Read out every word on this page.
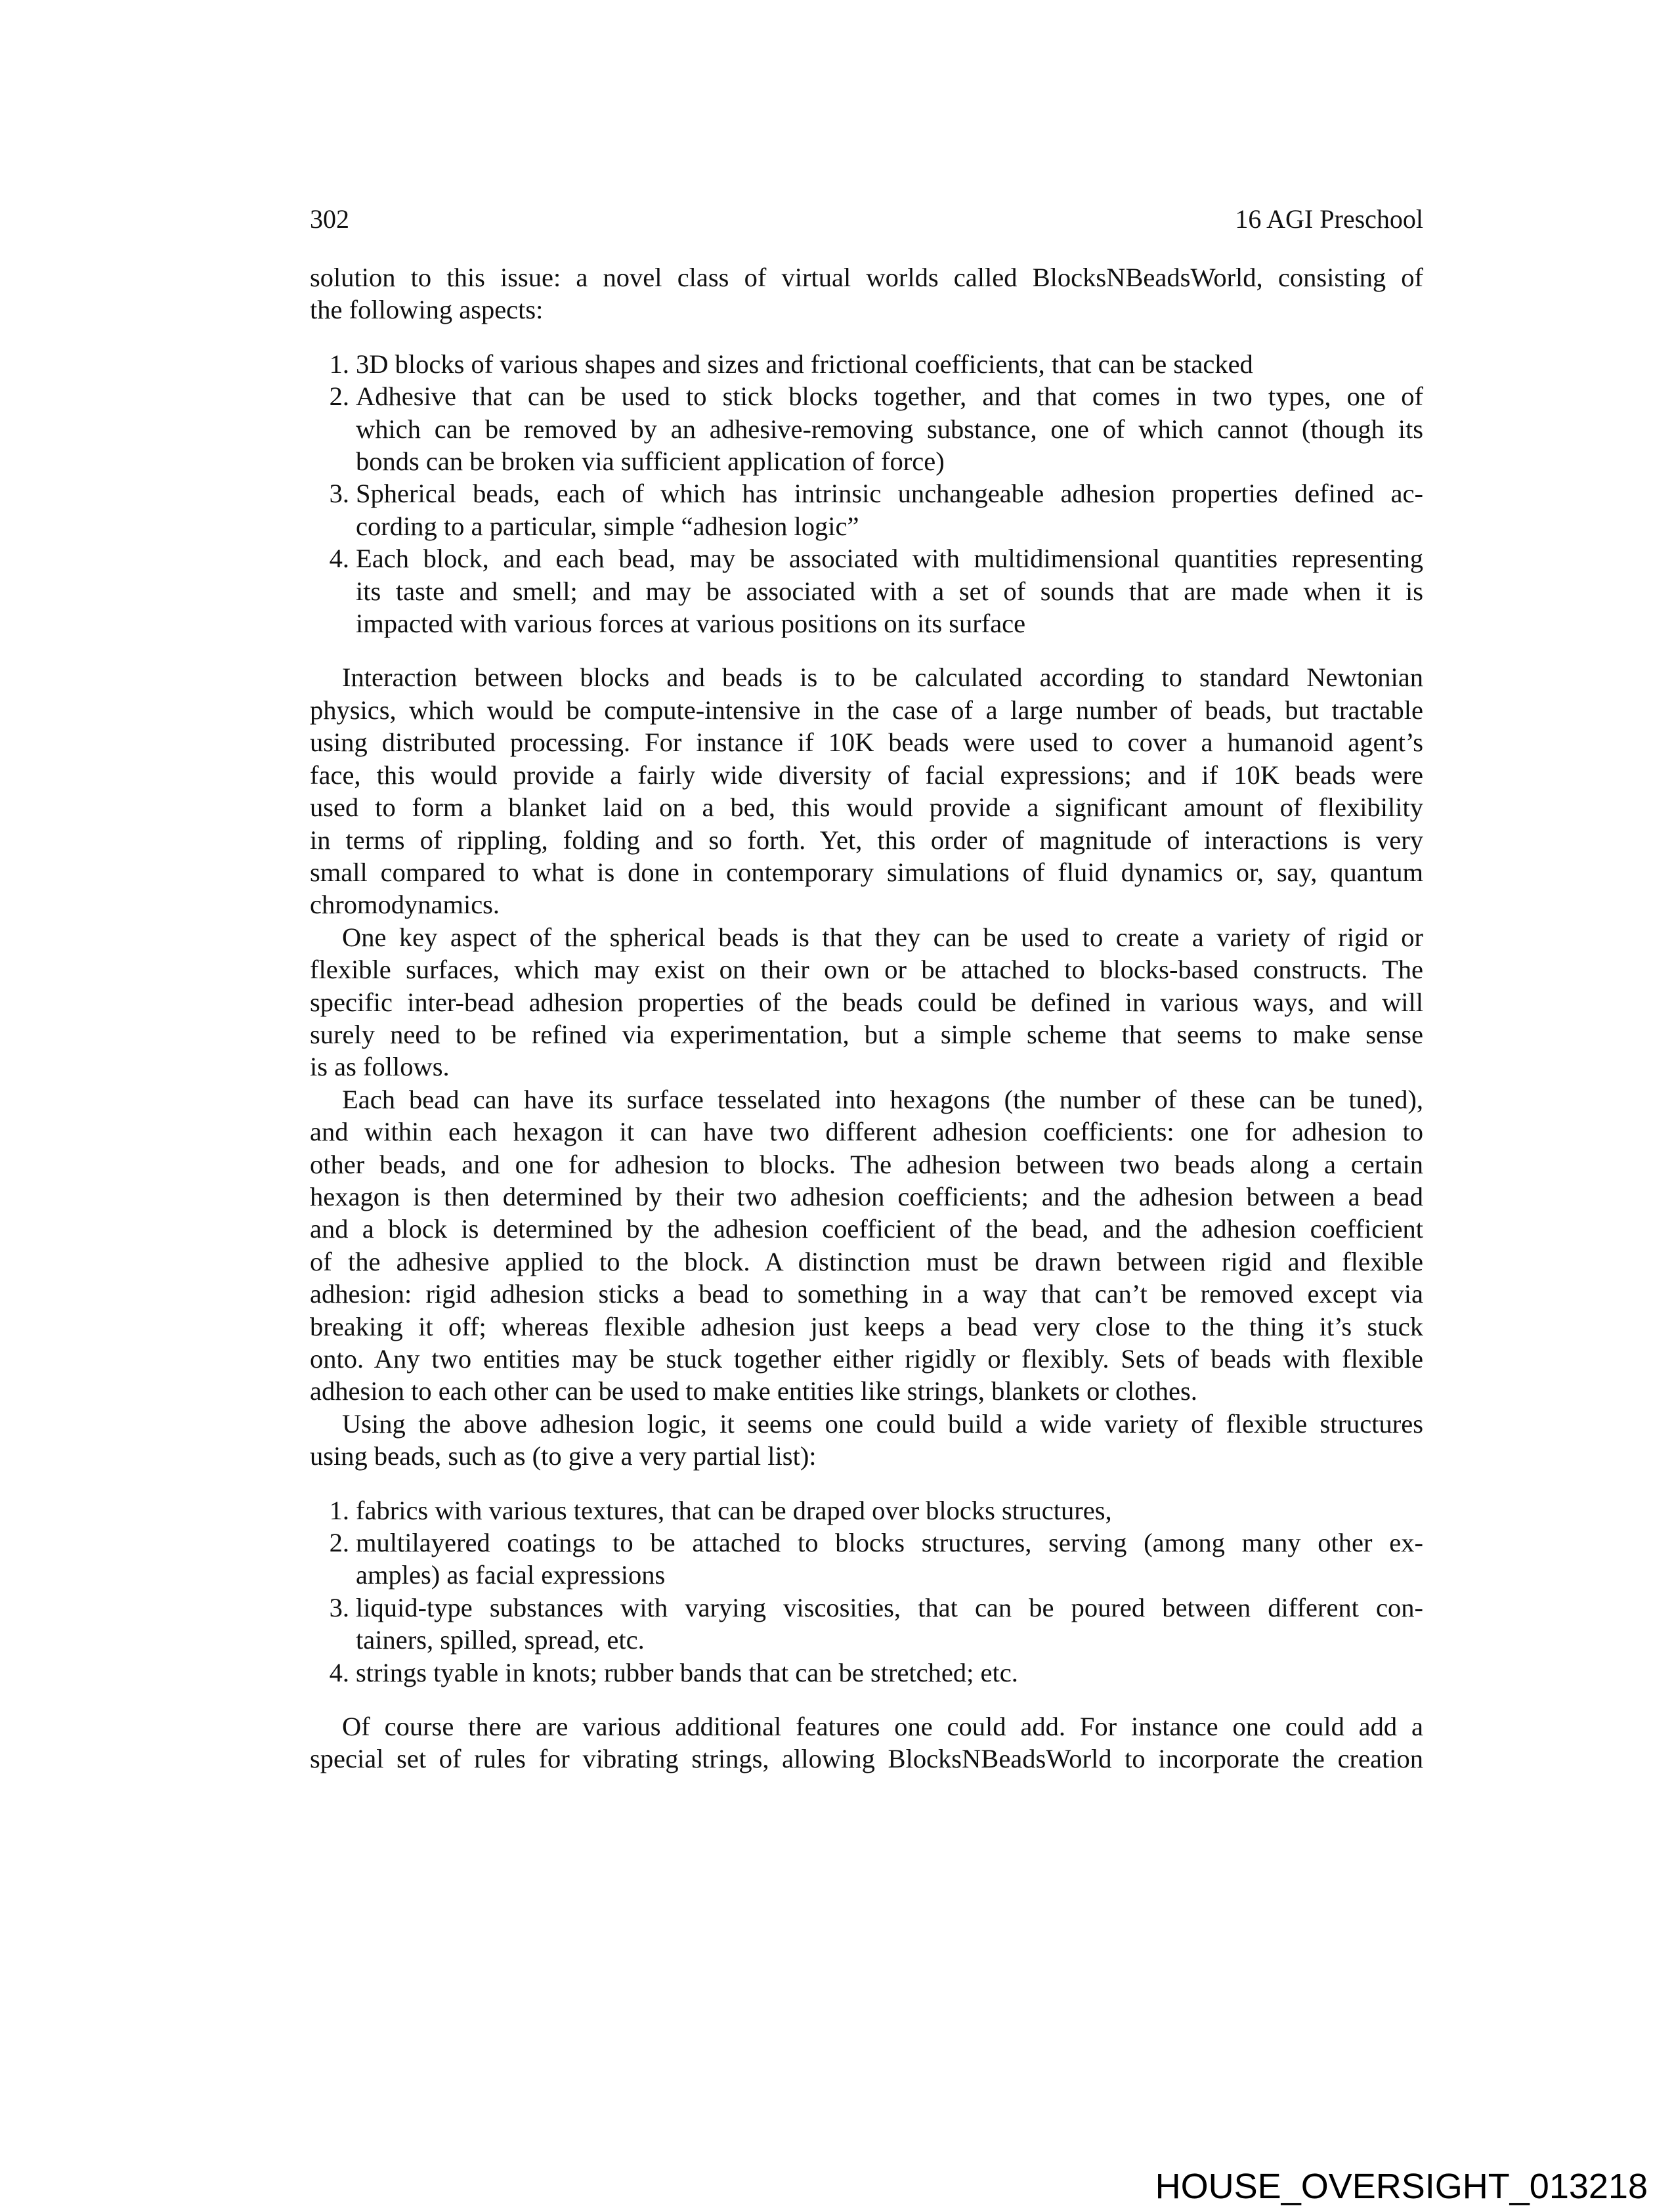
302	16 AGI Preschool
solution to this issue: a novel class of virtual worlds called BlocksNBeadsWorld, consisting of
the following aspects:
1. 3D blocks of various shapes and sizes and frictional coefficients, that can be stacked
2. Adhesive that can be used to stick blocks together, and that comes in two types, one of
which can be removed by an adhesive-removing substance, one of which cannot (though its
bonds can be broken via sufficient application of force)
3. Spherical beads, each of which has intrinsic unchangeable adhesion properties defined ac-
cording to a particular, simple “adhesion logic”
4. Each block, and each bead, may be associated with multidimensional quantities representing
its taste and smell; and may be associated with a set of sounds that are made when it is
impacted with various forces at various positions on its surface
Interaction between blocks and beads is to be calculated according to standard Newtonian
physics, which would be compute-intensive in the case of a large number of beads, but tractable
using distributed processing. For instance if 10K beads were used to cover a humanoid agent’s
face, this would provide a fairly wide diversity of facial expressions; and if 10K beads were
used to form a blanket laid on a bed, this would provide a significant amount of flexibility
in terms of rippling, folding and so forth. Yet, this order of magnitude of interactions is very
small compared to what is done in contemporary simulations of fluid dynamics or, say, quantum
chromodynamics.
One key aspect of the spherical beads is that they can be used to create a variety of rigid or
flexible surfaces, which may exist on their own or be attached to blocks-based constructs. The
specific inter-bead adhesion properties of the beads could be defined in various ways, and will
surely need to be refined via experimentation, but a simple scheme that seems to make sense
is as follows.
Each bead can have its surface tesselated into hexagons (the number of these can be tuned),
and within each hexagon it can have two different adhesion coefficients: one for adhesion to
other beads, and one for adhesion to blocks. The adhesion between two beads along a certain
hexagon is then determined by their two adhesion coefficients; and the adhesion between a bead
and a block is determined by the adhesion coefficient of the bead, and the adhesion coefficient
of the adhesive applied to the block. A distinction must be drawn between rigid and flexible
adhesion: rigid adhesion sticks a bead to something in a way that can’t be removed except via
breaking it off; whereas flexible adhesion just keeps a bead very close to the thing it’s stuck
onto. Any two entities may be stuck together either rigidly or flexibly. Sets of beads with flexible
adhesion to each other can be used to make entities like strings, blankets or clothes.
Using the above adhesion logic, it seems one could build a wide variety of flexible structures
using beads, such as (to give a very partial list):
1. fabrics with various textures, that can be draped over blocks structures,
2. multilayered coatings to be attached to blocks structures, serving (among many other ex-
amples) as facial expressions
3. liquid-type substances with varying viscosities, that can be poured between different con-
tainers, spilled, spread, etc.
4. strings tyable in knots; rubber bands that can be stretched; etc.
Of course there are various additional features one could add. For instance one could add a
special set of rules for vibrating strings, allowing BlocksNBeadsWorld to incorporate the creation
HOUSE_OVERSIGHT_013218
